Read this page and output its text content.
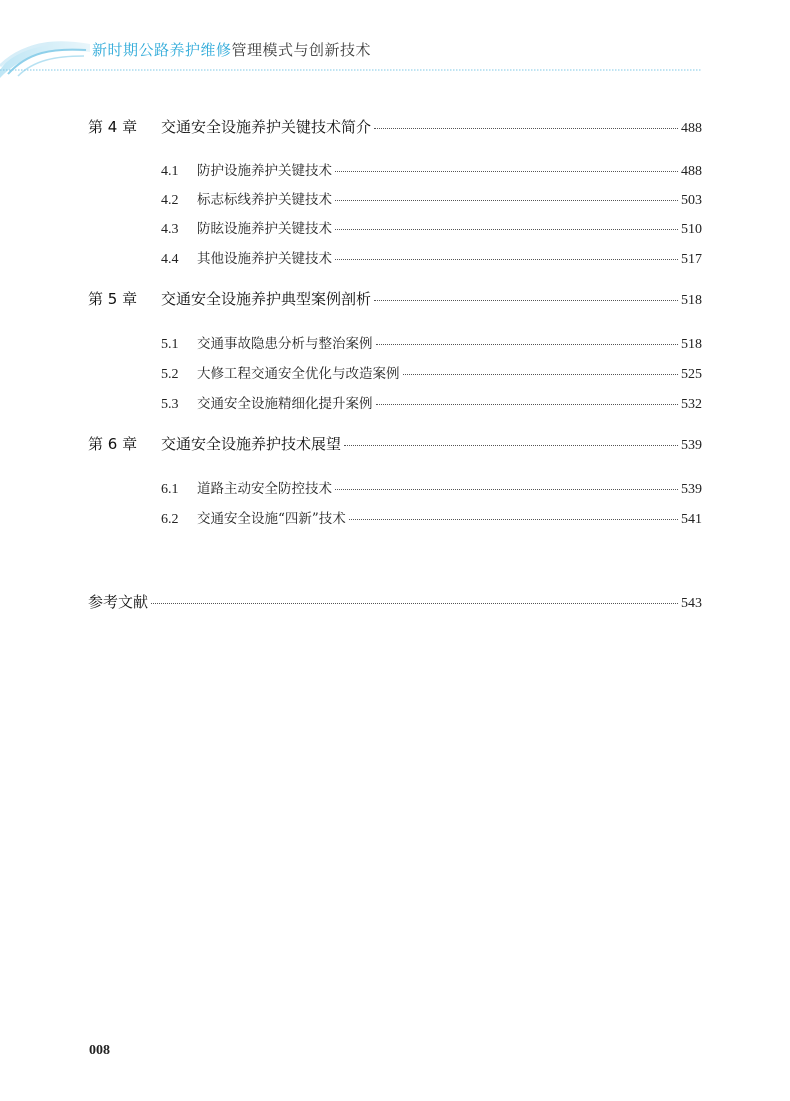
新时期公路养护维修管理模式与创新技术
第 4 章	交通安全设施养护关键技术简介	488
4.1	防护设施养护关键技术	488
4.2	标志标线养护关键技术	503
4.3	防眩设施养护关键技术	510
4.4	其他设施养护关键技术	517
第 5 章	交通安全设施养护典型案例剖析	518
5.1	交通事故隐患分析与整治案例	518
5.2	大修工程交通安全优化与改造案例	525
5.3	交通安全设施精细化提升案例	532
第 6 章	交通安全设施养护技术展望	539
6.1	道路主动安全防控技术	539
6.2	交通安全设施“四新”技术	541
参考文献	543
008
